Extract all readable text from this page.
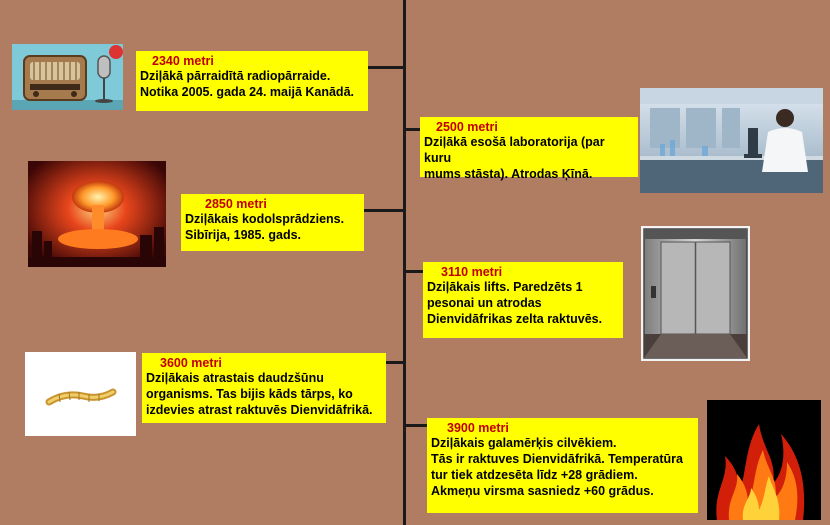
2340 metri
Dziļākā pārraidītā radiopārraide.
Notika 2005. gada 24. maijā Kanādā.
2500 metri
Dziļākā esošā laboratorija (par kuru
mums stāsta). Atrodas Ķīnā.
2850 metri
Dziļākais kodolsprādziens.
Sibīrija, 1985. gads.
3110 metri
Dziļākais lifts. Paredzēts 1
pesonai un atrodas
Dienvidāfrikas zelta raktuvēs.
3600 metri
Dziļākais atrastais daudzšūnu
organisms. Tas bijis kāds tārps, ko
izdevies atrast raktuvēs Dienvidāfrikā.
3900 metri
Dziļākais galamērķis cilvēkiem.
Tās ir raktuves Dienvidāfrikā. Temperatūra
tur tiek atdzesēta līdz +28 grādiem.
Akmeņu virsma sasniedz +60 grādus.
